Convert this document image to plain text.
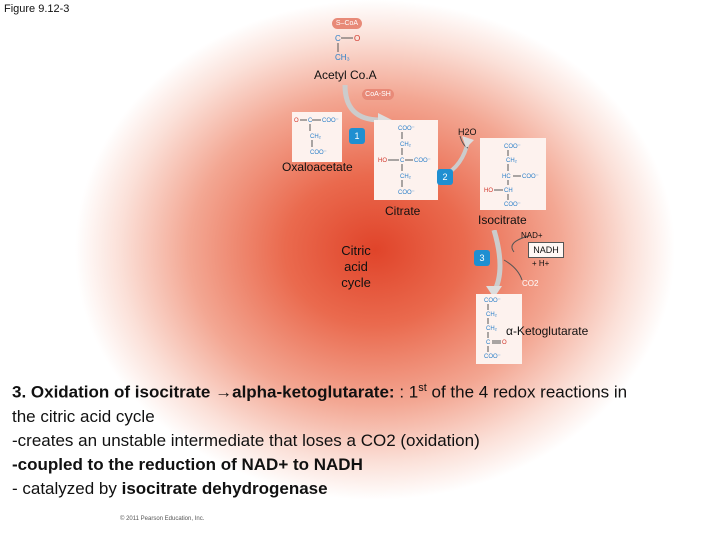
Figure 9.12-3
S–CoA
C O
CH₃
Acetyl Co.A
CoA-SH
O C COO⁻
CH₂
COO⁻
Oxaloacetate
1
COO⁻
CH₂
HO C COO⁻
CH₂
COO⁻
Citrate
H2O
2
COO⁻
CH₂
HC COO⁻
HO CH
COO⁻
Isocitrate
Citric
acid
cycle
NAD+
NADH
+ H+
CO2
3
COO⁻
CH₂
CH₂
C O
COO⁻
α-Ketoglutarate
3. Oxidation of isocitrate →alpha-ketoglutarate: : 1st of the 4 redox reactions in
the citric acid cycle
-creates an unstable intermediate that loses a CO2 (oxidation)
-coupled to the reduction of NAD+ to NADH
- catalyzed by isocitrate dehydrogenase
© 2011 Pearson Education, Inc.
